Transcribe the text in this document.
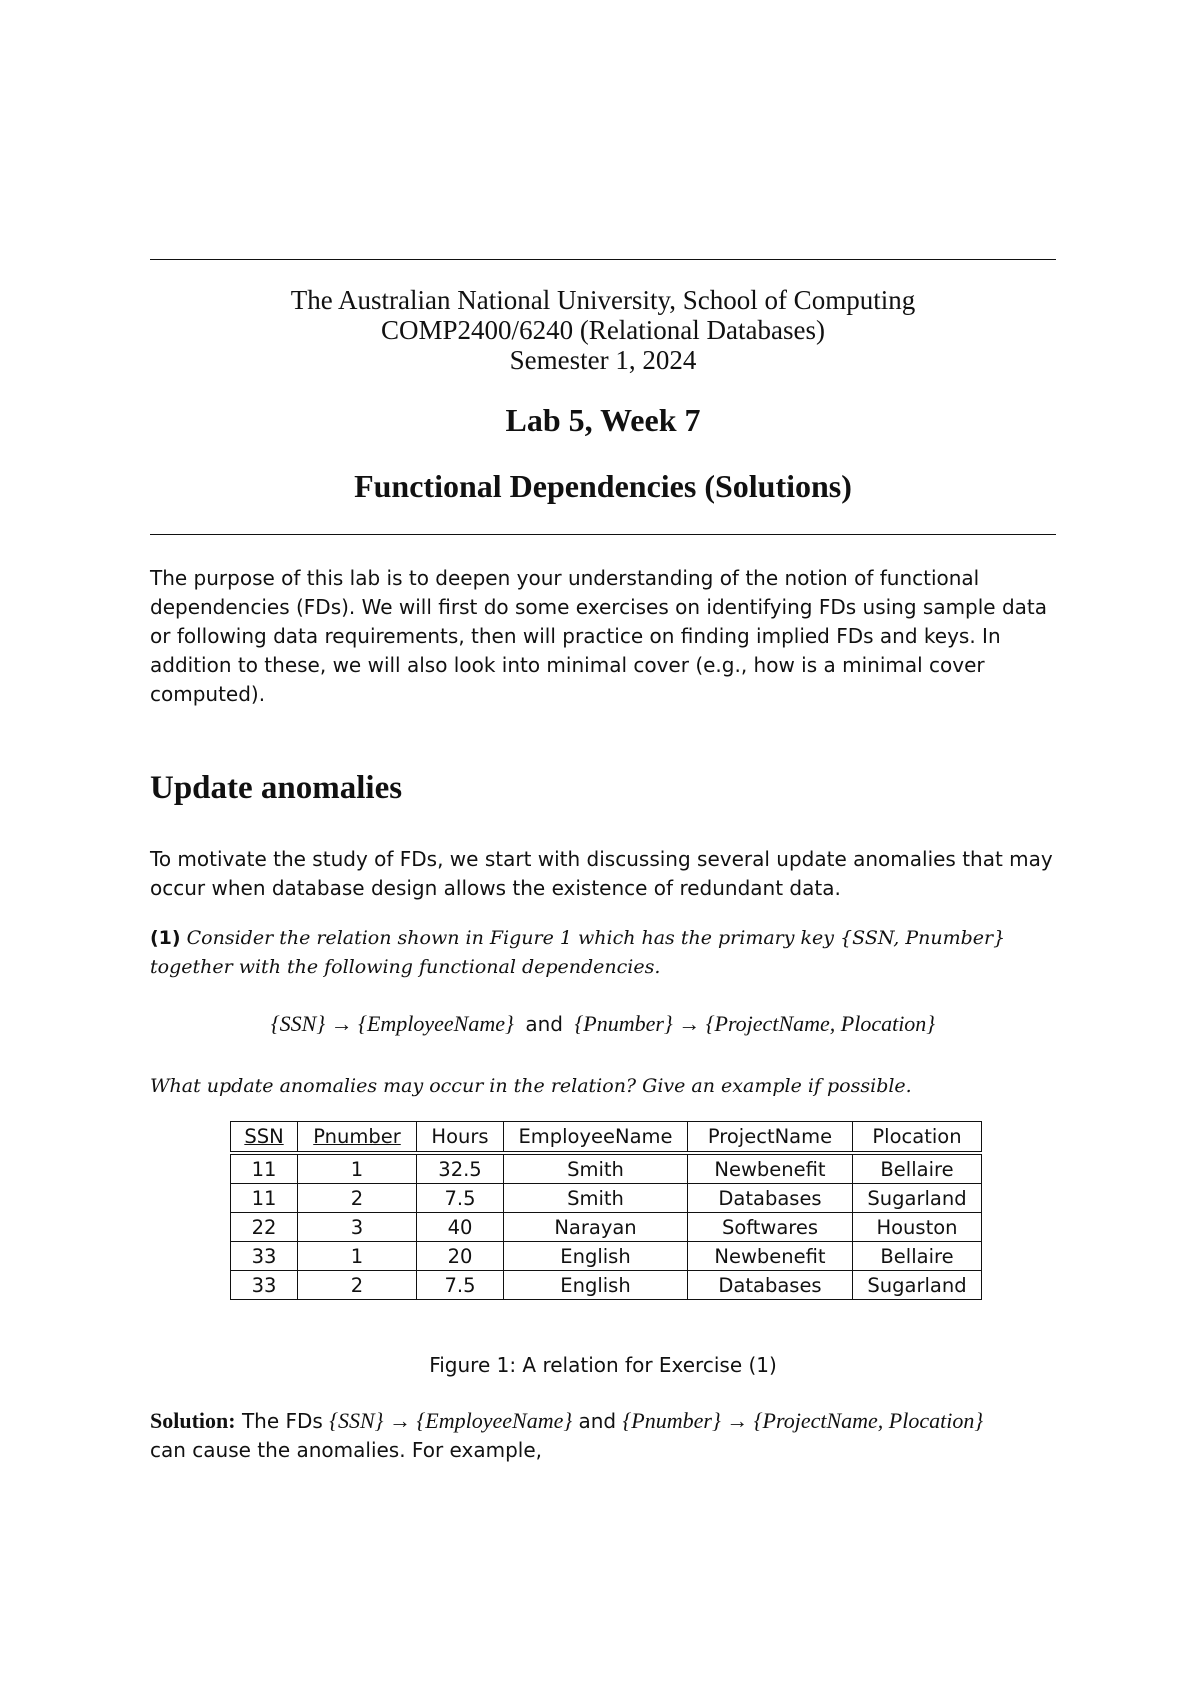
The Australian National University, School of Computing
COMP2400/6240 (Relational Databases)
Semester 1, 2024
Lab 5, Week 7
Functional Dependencies (Solutions)
The purpose of this lab is to deepen your understanding of the notion of functional dependencies (FDs). We will first do some exercises on identifying FDs using sample data or following data requirements, then will practice on finding implied FDs and keys. In addition to these, we will also look into minimal cover (e.g., how is a minimal cover computed).
Update anomalies
To motivate the study of FDs, we start with discussing several update anomalies that may occur when database design allows the existence of redundant data.
(1) Consider the relation shown in Figure 1 which has the primary key {SSN, Pnumber} together with the following functional dependencies.
{SSN} → {EmployeeName} and {Pnumber} → {ProjectName, Plocation}
What update anomalies may occur in the relation? Give an example if possible.
SSN	Pnumber	Hours	EmployeeName	ProjectName	Plocation
11	1	32.5	Smith	Newbenefit	Bellaire
11	2	7.5	Smith	Databases	Sugarland
22	3	40	Narayan	Softwares	Houston
33	1	20	English	Newbenefit	Bellaire
33	2	7.5	English	Databases	Sugarland
Figure 1: A relation for Exercise (1)
Solution: The FDs {SSN} → {EmployeeName} and {Pnumber} → {ProjectName, Plocation}
can cause the anomalies. For example,
